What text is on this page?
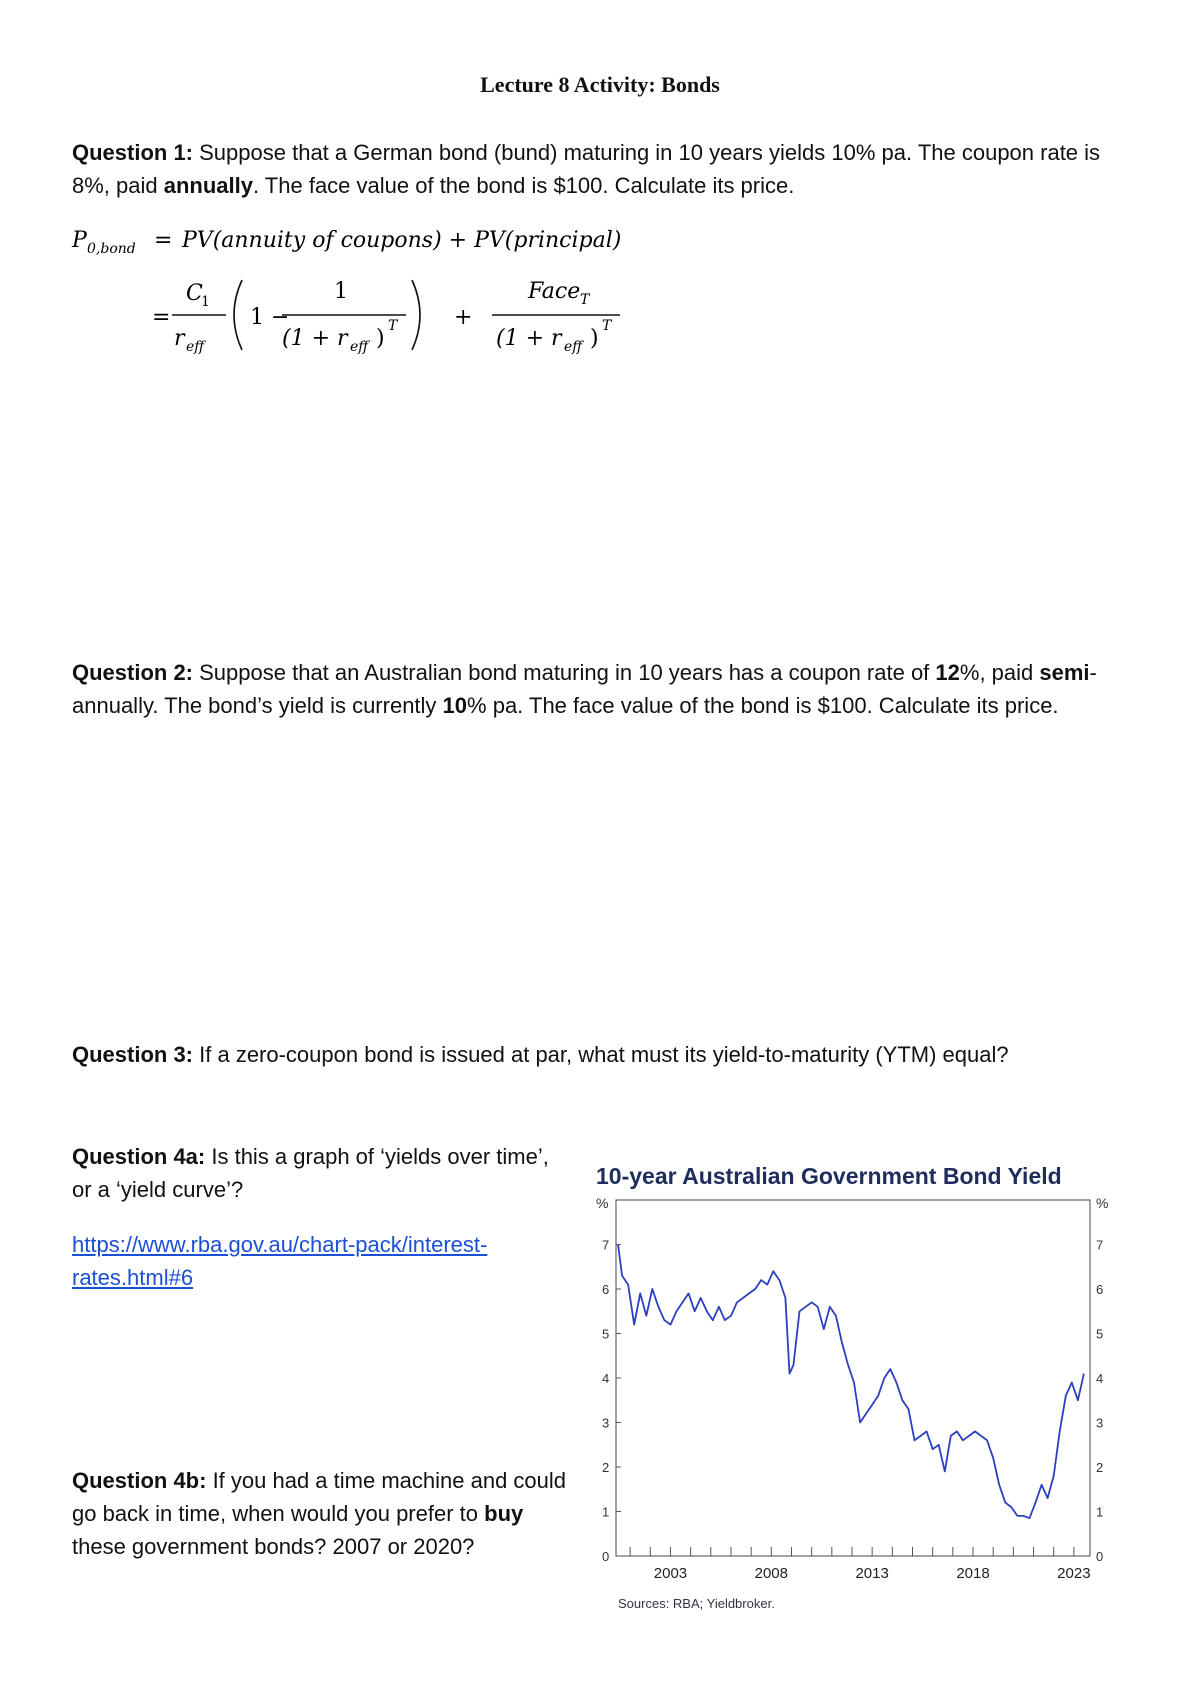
Lecture 8 Activity: Bonds
Question 1: Suppose that a German bond (bund) maturing in 10 years yields 10% pa. The coupon rate is 8%, paid annually. The face value of the bond is $100. Calculate its price.
P 0,bond = PV(annuity of coupons) + PV(principal)
=
C
1
r eff
1 −
1
(1 + r eff ) T	+
Face T
(1 + r eff ) T
Question 2: Suppose that an Australian bond maturing in 10 years has a coupon rate of 12%, paid semi-annually. The bond’s yield is currently 10% pa. The face value of the bond is $100. Calculate its price.
Question 3: If a zero-coupon bond is issued at par, what must its yield-to-maturity (YTM) equal?
Question 4a: Is this a graph of ‘yields over time’, or a ‘yield curve’?
https://www.rba.gov.au/chart-pack/interest-rates.html#6
Question 4b: If you had a time machine and could go back in time, when would you prefer to buy these government bonds? 2007 or 2020?
10-year Australian Government Bond Yield
%	%
0	0
1	1
2	2
3	3
4	4
5	5
6	6
7	7
2003	2008	2013	2018	2023
Sources: RBA; Yieldbroker.
